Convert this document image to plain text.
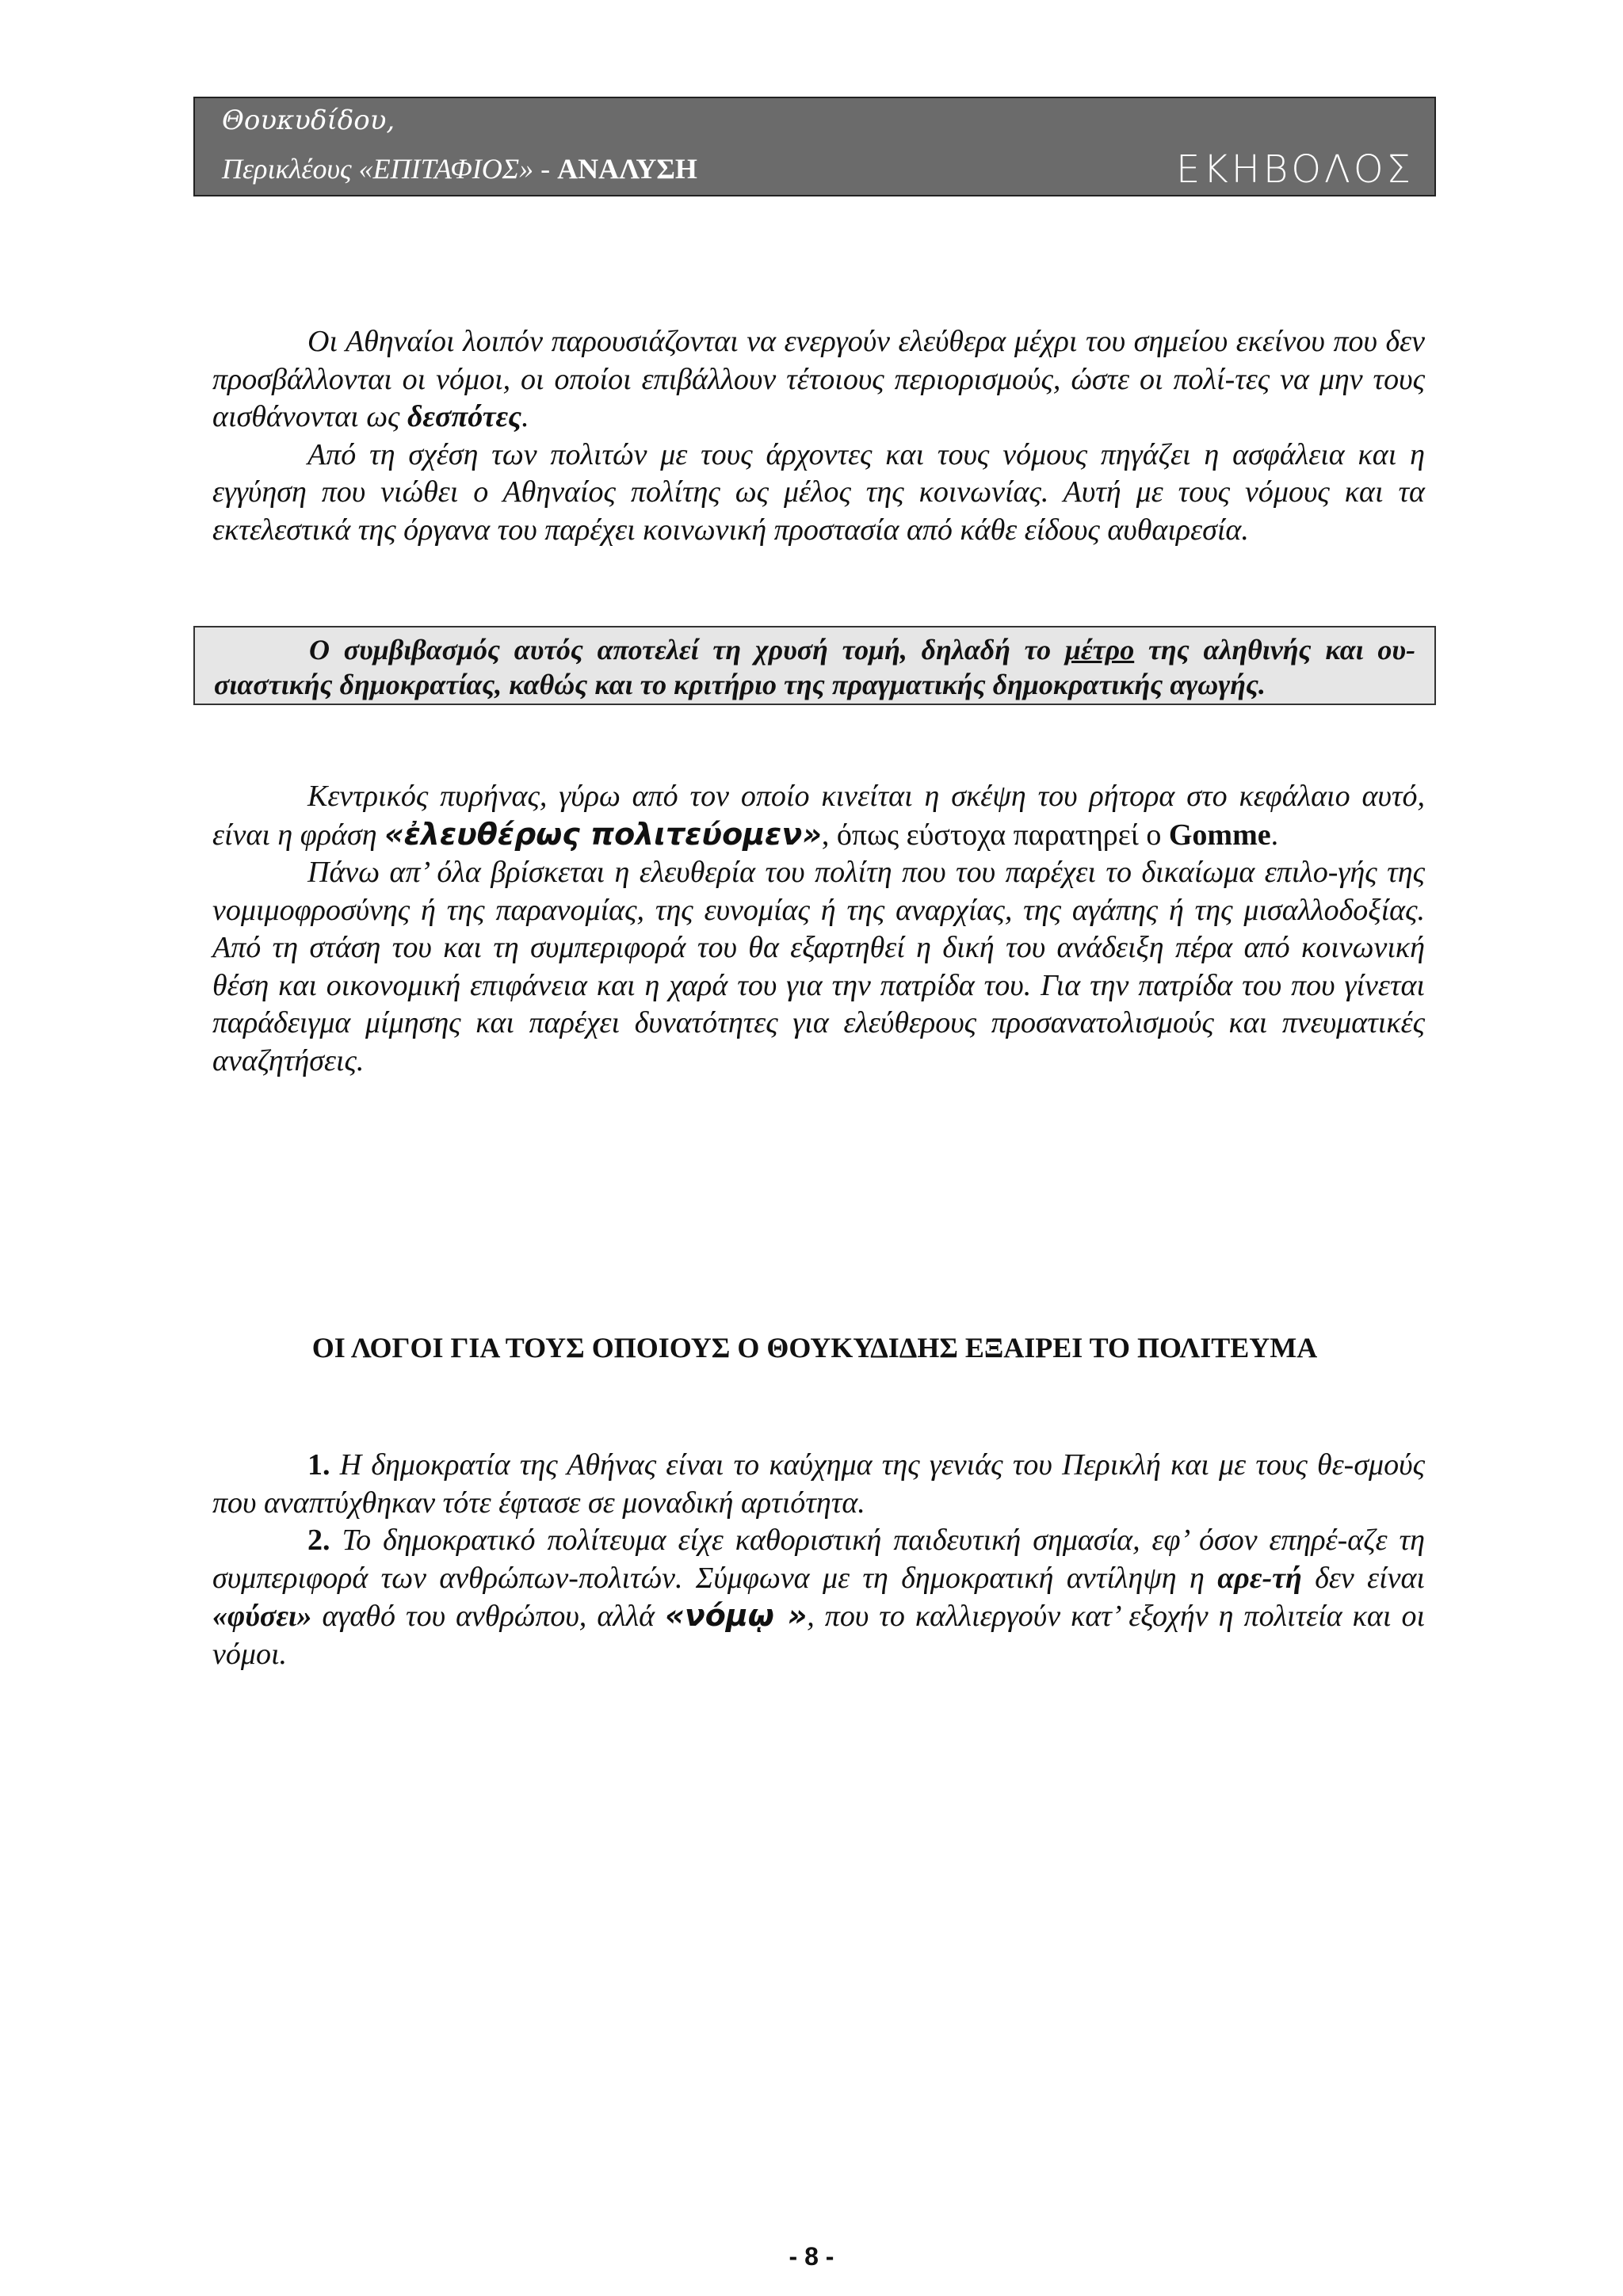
Θουκυδίδου,
Περικλέους «ΕΠΙΤΑΦΙΟΣ» - ΑΝΑΛΥΣΗ	ΕΚΗΒΟΛΟΣ

Οι Αθηναίοι λοιπόν παρουσιάζονται να ενεργούν ελεύθερα μέχρι του σημείου εκείνου που δεν προσβάλλονται οι νόμοι, οι οποίοι επιβάλλουν τέτοιους περιορισμούς, ώστε οι πολί-τες να μην τους αισθάνονται ως δεσπότες.

Από τη σχέση των πολιτών με τους άρχοντες και τους νόμους πηγάζει η ασφάλεια και η εγγύηση που νιώθει ο Αθηναίος πολίτης ως μέλος της κοινωνίας. Αυτή με τους νόμους και τα εκτελεστικά της όργανα του παρέχει κοινωνική προστασία από κάθε είδους αυθαιρεσία.

Ο συμβιβασμός αυτός αποτελεί τη χρυσή τομή, δηλαδή το μέτρο της αληθινής και ου-σιαστικής δημοκρατίας, καθώς και το κριτήριο της πραγματικής δημοκρατικής αγωγής.

Κεντρικός πυρήνας, γύρω από τον οποίο κινείται η σκέψη του ρήτορα στο κεφάλαιο αυτό, είναι η φράση «ἐλευθέρως πολιτεύομεν», όπως εύστοχα παρατηρεί ο Gomme.

Πάνω απ’ όλα βρίσκεται η ελευθερία του πολίτη που του παρέχει το δικαίωμα επιλο-γής της νομιμοφροσύνης ή της παρανομίας, της ευνομίας ή της αναρχίας, της αγάπης ή της μισαλλοδοξίας. Από τη στάση του και τη συμπεριφορά του θα εξαρτηθεί η δική του ανάδειξη πέρα από κοινωνική θέση και οικονομική επιφάνεια και η χαρά του για την πατρίδα του. Για την πατρίδα του που γίνεται παράδειγμα μίμησης και παρέχει δυνατότητες για ελεύθερους προσανατολισμούς και πνευματικές αναζητήσεις.

ΟΙ ΛΟΓΟΙ ΓΙΑ ΤΟΥΣ ΟΠΟΙΟΥΣ Ο ΘΟΥΚΥΔΙΔΗΣ ΕΞΑΙΡΕΙ ΤΟ ΠΟΛΙΤΕΥΜΑ

1. Η δημοκρατία της Αθήνας είναι το καύχημα της γενιάς του Περικλή και με τους θε-σμούς που αναπτύχθηκαν τότε έφτασε σε μοναδική αρτιότητα.

2. Το δημοκρατικό πολίτευμα είχε καθοριστική παιδευτική σημασία, εφ’ όσον επηρέ-αζε τη συμπεριφορά των ανθρώπων-πολιτών. Σύμφωνα με τη δημοκρατική αντίληψη η αρε-τή δεν είναι «φύσει» αγαθό του ανθρώπου, αλλά «νόμῳ », που το καλλιεργούν κατ’ εξοχήν η πολιτεία και οι νόμοι.

- 8 -
